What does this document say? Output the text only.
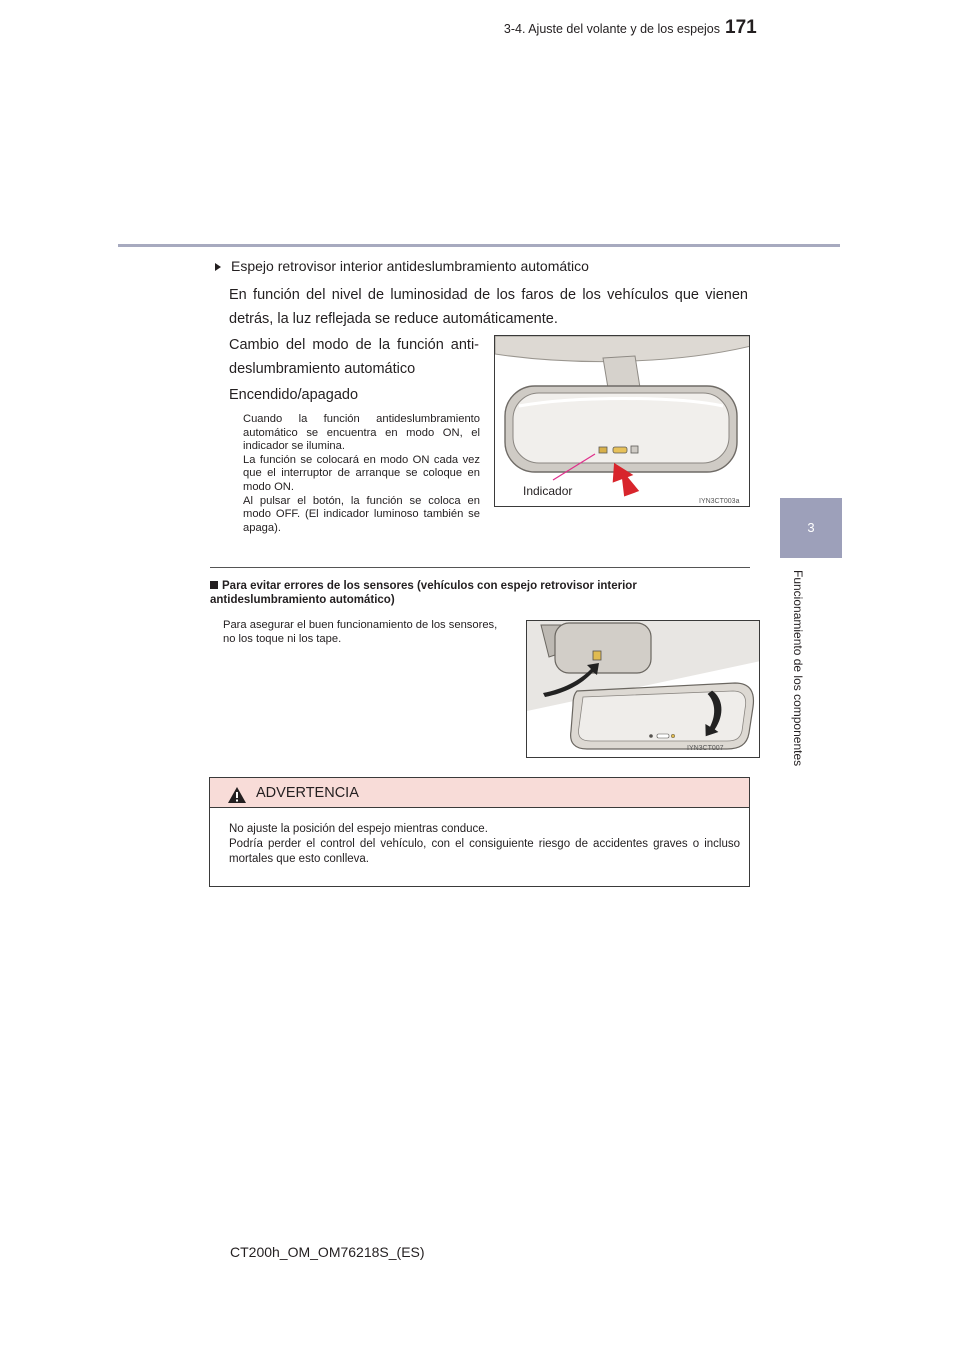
3-4. Ajuste del volante y de los espejos 171
3
Funcionamiento de los componentes
Espejo retrovisor interior antideslumbramiento automático
En función del nivel de luminosidad de los faros de los vehículos que vienen detrás, la luz reflejada se reduce automáticamente.
Cambio del modo de la función anti-deslumbramiento automático
Encendido/apagado

Cuando la función antideslumbramiento automático se encuentra en modo ON, el indicador se ilumina.

La función se colocará en modo ON cada vez que el interruptor de arranque se coloque en modo ON.

Al pulsar el botón, la función se coloca en modo OFF. (El indicador luminoso también se apaga).

Indicador
IYN3CT003a
Para evitar errores de los sensores (vehículos con espejo retrovisor interior antideslumbramiento automático)
Para asegurar el buen funcionamiento de los sensores, no los toque ni los tape.
IYN3CT007
ADVERTENCIA

No ajuste la posición del espejo mientras conduce.

Podría perder el control del vehículo, con el consiguiente riesgo de accidentes graves o incluso mortales que esto conlleva.

CT200h_OM_OM76218S_(ES)
